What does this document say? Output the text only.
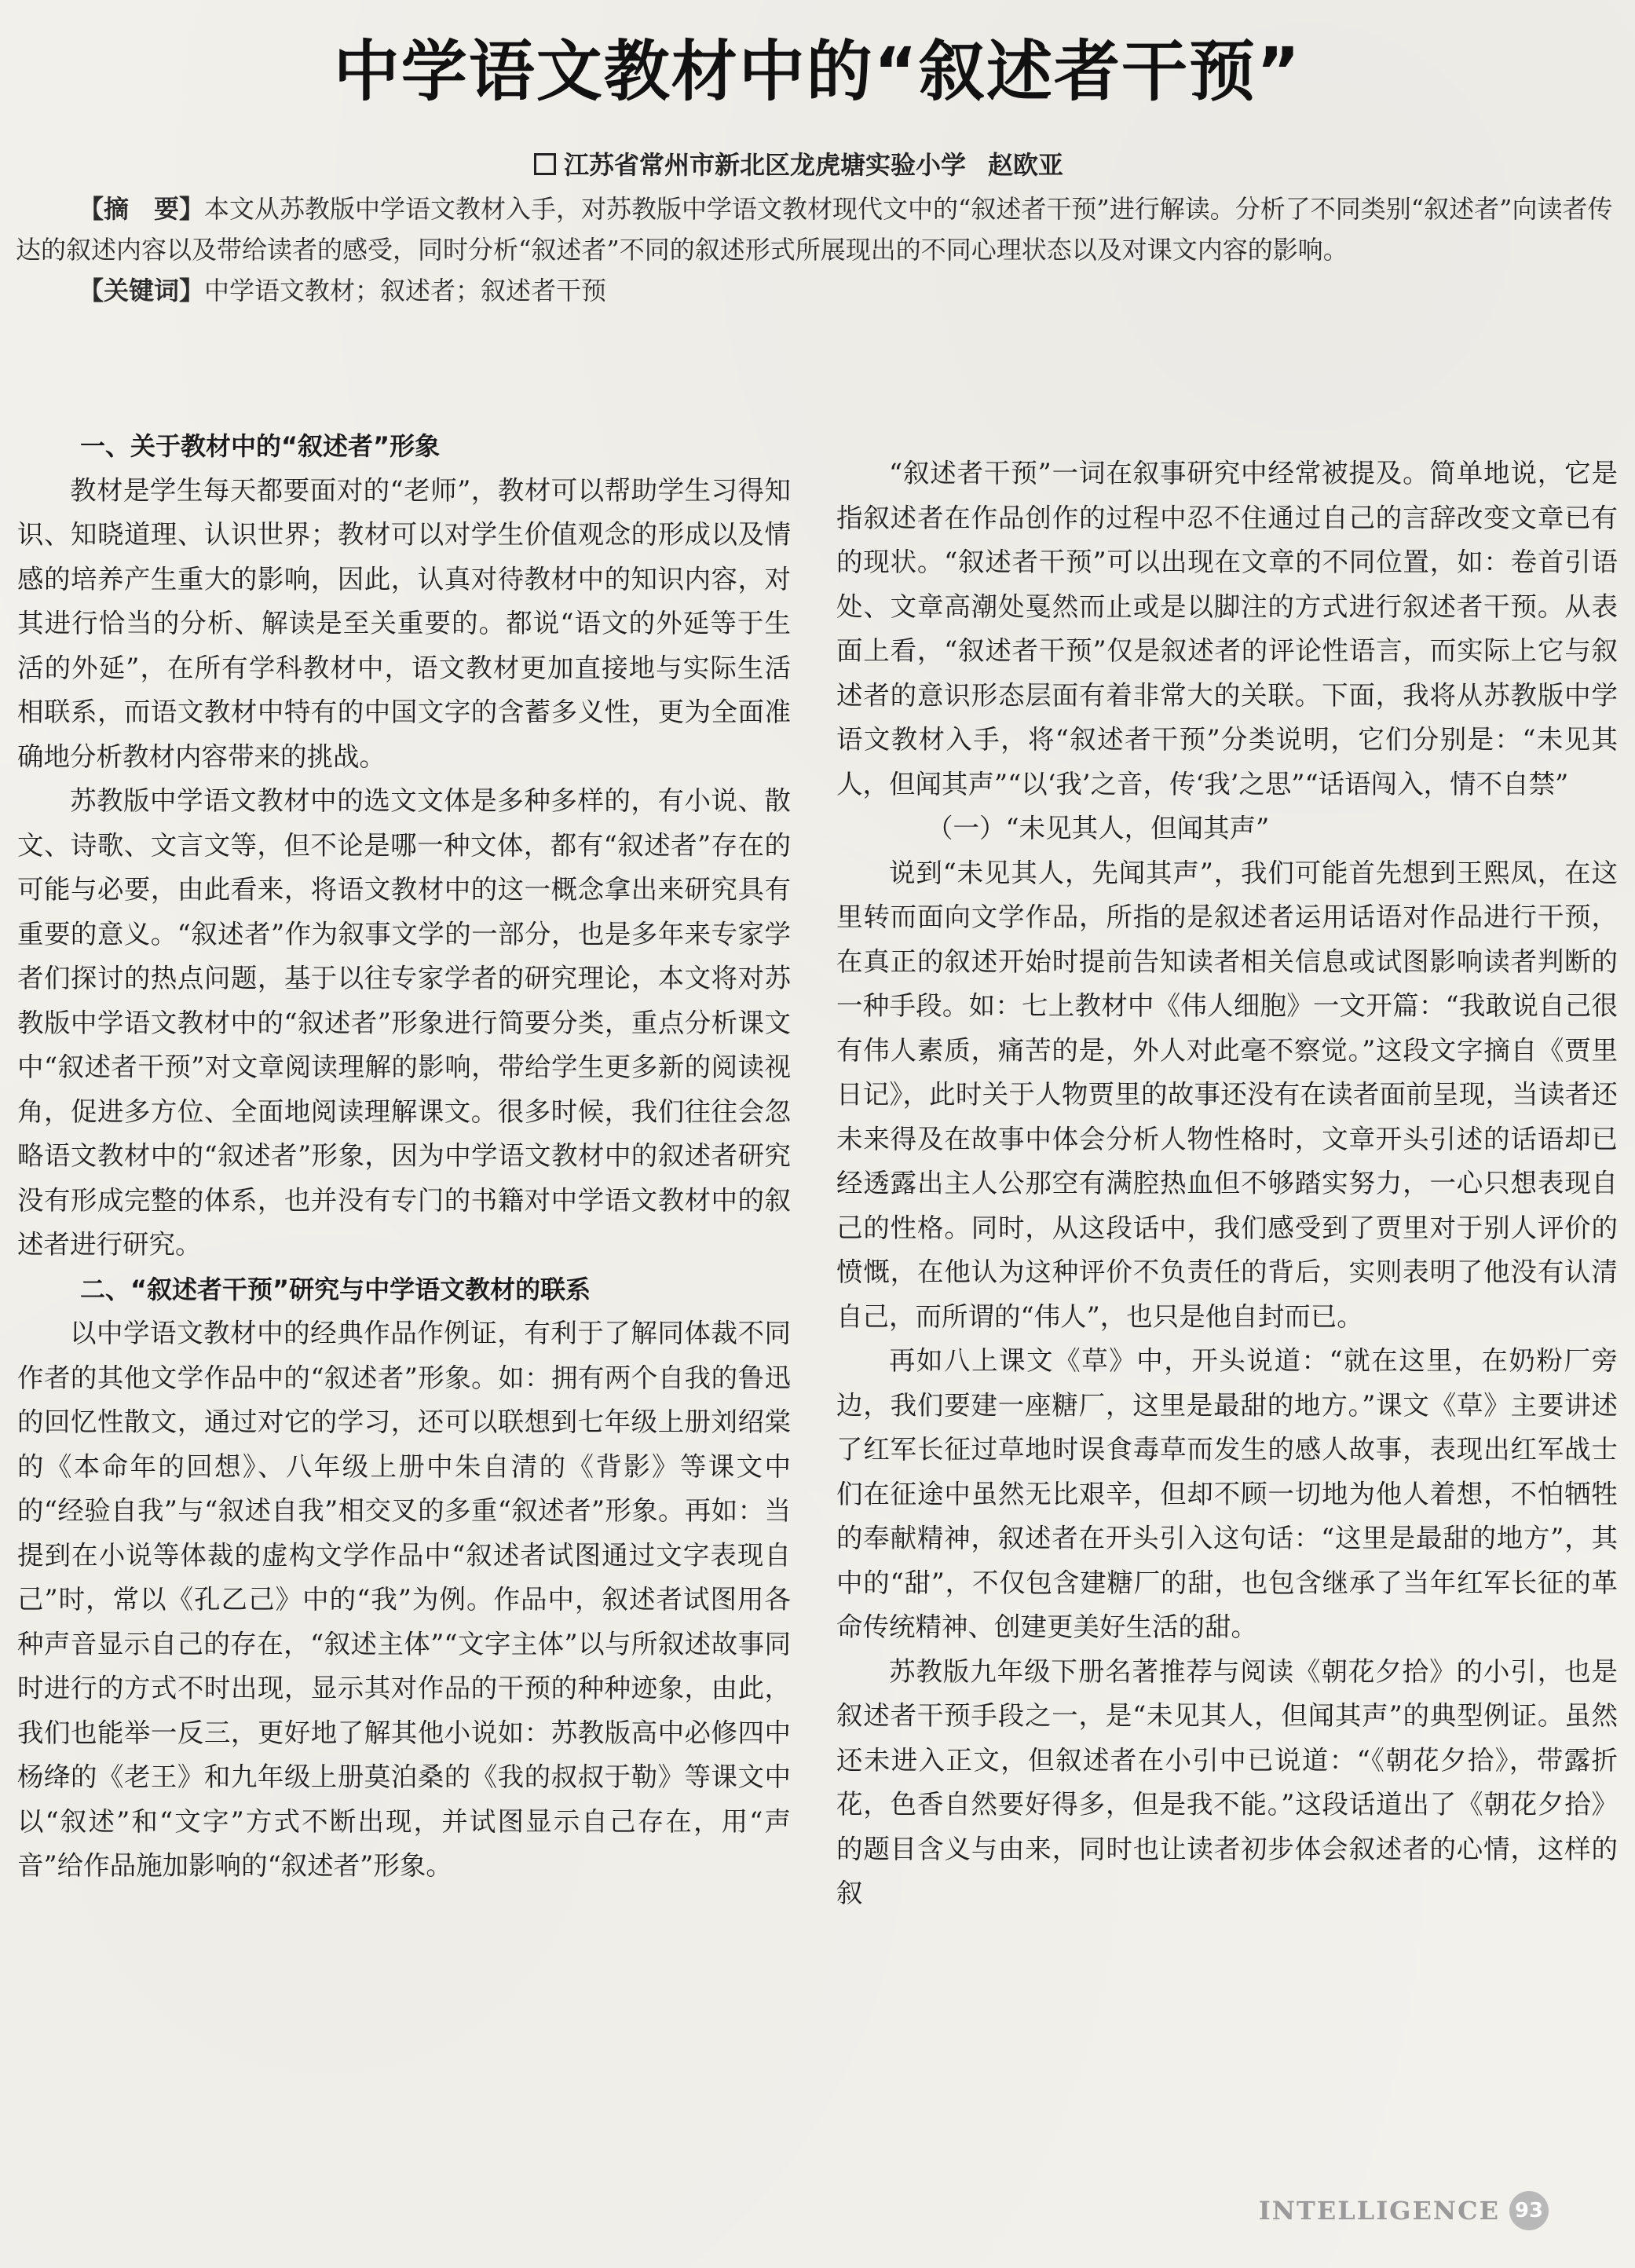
中学语文教材中的“叙述者干预”
江苏省常州市新北区龙虎塘实验小学 赵欧亚

【摘　要】本文从苏教版中学语文教材入手，对苏教版中学语文教材现代文中的“叙述者干预”进行解读。分析了不同类别“叙述者”向读者传达的叙述内容以及带给读者的感受，同时分析“叙述者”不同的叙述形式所展现出的不同心理状态以及对课文内容的影响。

【关键词】中学语文教材；叙述者；叙述者干预

一、关于教材中的“叙述者”形象

教材是学生每天都要面对的“老师”，教材可以帮助学生习得知识、知晓道理、认识世界；教材可以对学生价值观念的形成以及情感的培养产生重大的影响，因此，认真对待教材中的知识内容，对其进行恰当的分析、解读是至关重要的。都说“语文的外延等于生活的外延”，在所有学科教材中，语文教材更加直接地与实际生活相联系，而语文教材中特有的中国文字的含蓄多义性，更为全面准确地分析教材内容带来的挑战。

苏教版中学语文教材中的选文文体是多种多样的，有小说、散文、诗歌、文言文等，但不论是哪一种文体，都有“叙述者”存在的可能与必要，由此看来，将语文教材中的这一概念拿出来研究具有重要的意义。“叙述者”作为叙事文学的一部分，也是多年来专家学者们探讨的热点问题，基于以往专家学者的研究理论，本文将对苏教版中学语文教材中的“叙述者”形象进行简要分类，重点分析课文中“叙述者干预”对文章阅读理解的影响，带给学生更多新的阅读视角，促进多方位、全面地阅读理解课文。很多时候，我们往往会忽略语文教材中的“叙述者”形象，因为中学语文教材中的叙述者研究没有形成完整的体系，也并没有专门的书籍对中学语文教材中的叙述者进行研究。

二、“叙述者干预”研究与中学语文教材的联系

以中学语文教材中的经典作品作例证，有利于了解同体裁不同作者的其他文学作品中的“叙述者”形象。如：拥有两个自我的鲁迅的回忆性散文，通过对它的学习，还可以联想到七年级上册刘绍棠的《本命年的回想》、八年级上册中朱自清的《背影》等课文中的“经验自我”与“叙述自我”相交叉的多重“叙述者”形象。再如：当提到在小说等体裁的虚构文学作品中“叙述者试图通过文字表现自己”时，常以《孔乙己》中的“我”为例。作品中，叙述者试图用各种声音显示自己的存在，“叙述主体”“文字主体”以与所叙述故事同时进行的方式不时出现，显示其对作品的干预的种种迹象，由此，我们也能举一反三，更好地了解其他小说如：苏教版高中必修四中杨绛的《老王》和九年级上册莫泊桑的《我的叔叔于勒》等课文中以“叙述”和“文字”方式不断出现，并试图显示自己存在，用“声音”给作品施加影响的“叙述者”形象。

“叙述者干预”一词在叙事研究中经常被提及。简单地说，它是指叙述者在作品创作的过程中忍不住通过自己的言辞改变文章已有的现状。“叙述者干预”可以出现在文章的不同位置，如：卷首引语处、文章高潮处戛然而止或是以脚注的方式进行叙述者干预。从表面上看，“叙述者干预”仅是叙述者的评论性语言，而实际上它与叙述者的意识形态层面有着非常大的关联。下面，我将从苏教版中学语文教材入手，将“叙述者干预”分类说明，它们分别是：“未见其人，但闻其声”“以‘我’之音，传‘我’之思”“话语闯入，情不自禁”

（一）“未见其人，但闻其声”

说到“未见其人，先闻其声”，我们可能首先想到王熙凤，在这里转而面向文学作品，所指的是叙述者运用话语对作品进行干预，在真正的叙述开始时提前告知读者相关信息或试图影响读者判断的一种手段。如：七上教材中《伟人细胞》一文开篇：“我敢说自己很有伟人素质，痛苦的是，外人对此毫不察觉。”这段文字摘自《贾里日记》，此时关于人物贾里的故事还没有在读者面前呈现，当读者还未来得及在故事中体会分析人物性格时，文章开头引述的话语却已经透露出主人公那空有满腔热血但不够踏实努力，一心只想表现自己的性格。同时，从这段话中，我们感受到了贾里对于别人评价的愤慨，在他认为这种评价不负责任的背后，实则表明了他没有认清自己，而所谓的“伟人”，也只是他自封而已。

再如八上课文《草》中，开头说道：“就在这里，在奶粉厂旁边，我们要建一座糖厂，这里是最甜的地方。”课文《草》主要讲述了红军长征过草地时误食毒草而发生的感人故事，表现出红军战士们在征途中虽然无比艰辛，但却不顾一切地为他人着想，不怕牺牲的奉献精神，叙述者在开头引入这句话：“这里是最甜的地方”，其中的“甜”，不仅包含建糖厂的甜，也包含继承了当年红军长征的革命传统精神、创建更美好生活的甜。

苏教版九年级下册名著推荐与阅读《朝花夕拾》的小引，也是叙述者干预手段之一，是“未见其人，但闻其声”的典型例证。虽然还未进入正文，但叙述者在小引中已说道：“《朝花夕拾》，带露折花，色香自然要好得多，但是我不能。”这段话道出了《朝花夕拾》的题目含义与由来，同时也让读者初步体会叙述者的心情，这样的叙

INTELLIGENCE 93
